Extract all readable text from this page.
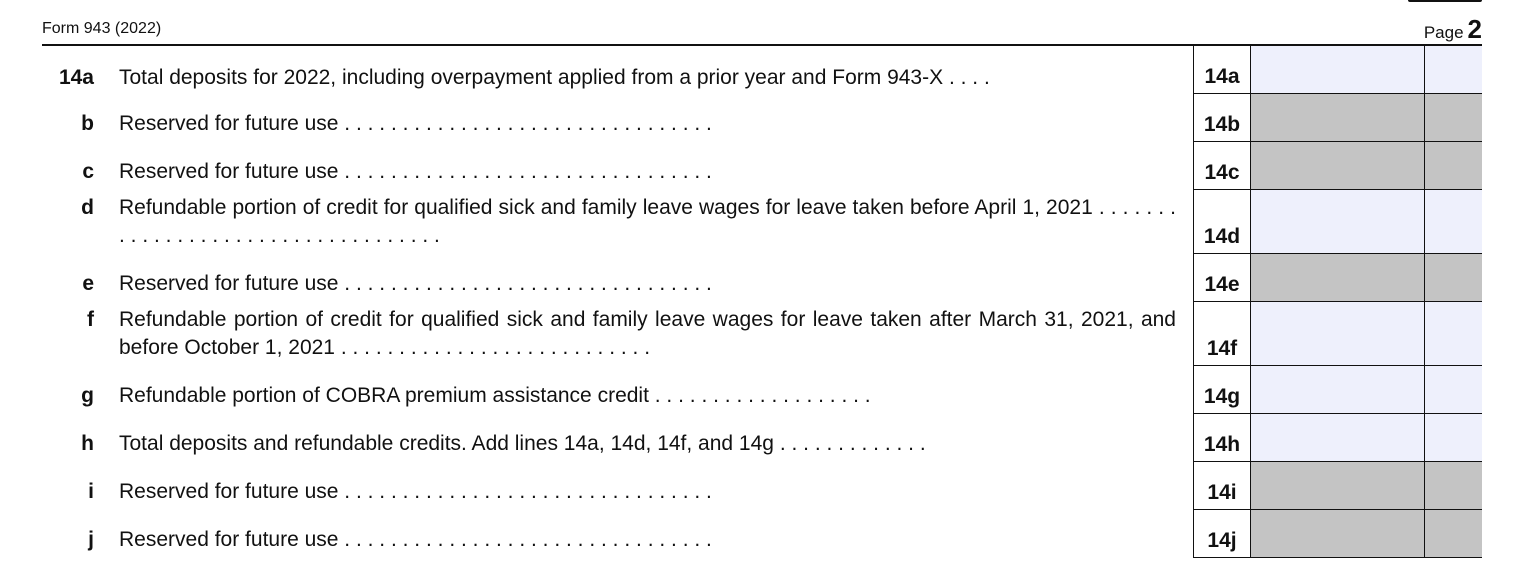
Form 943 (2022)	Page 2
14a Total deposits for 2022, including overpayment applied from a prior year and Form 943-X . . . .	14a
b Reserved for future use . . . . . . . . . . . . . . . . . . . . . . . . . . . . . . . .	14b
c Reserved for future use . . . . . . . . . . . . . . . . . . . . . . . . . . . . . . . .	14c
d Refundable portion of credit for qualified sick and family leave wages for leave taken before April 1, 2021 . . . . . . . . . . . . . . . . . . . . . . . . . . . . . . . . . . .	14d
e Reserved for future use . . . . . . . . . . . . . . . . . . . . . . . . . . . . . . . .	14e
f Refundable portion of credit for qualified sick and family leave wages for leave taken after March 31, 2021, and before October 1, 2021 . . . . . . . . . . . . . . . . . . . . . . . . . . .	14f
g Refundable portion of COBRA premium assistance credit . . . . . . . . . . . . . . . . . . .	14g
h Total deposits and refundable credits. Add lines 14a, 14d, 14f, and 14g . . . . . . . . . . . . .	14h
i Reserved for future use . . . . . . . . . . . . . . . . . . . . . . . . . . . . . . . .	14i
j Reserved for future use . . . . . . . . . . . . . . . . . . . . . . . . . . . . . . . .	14j
